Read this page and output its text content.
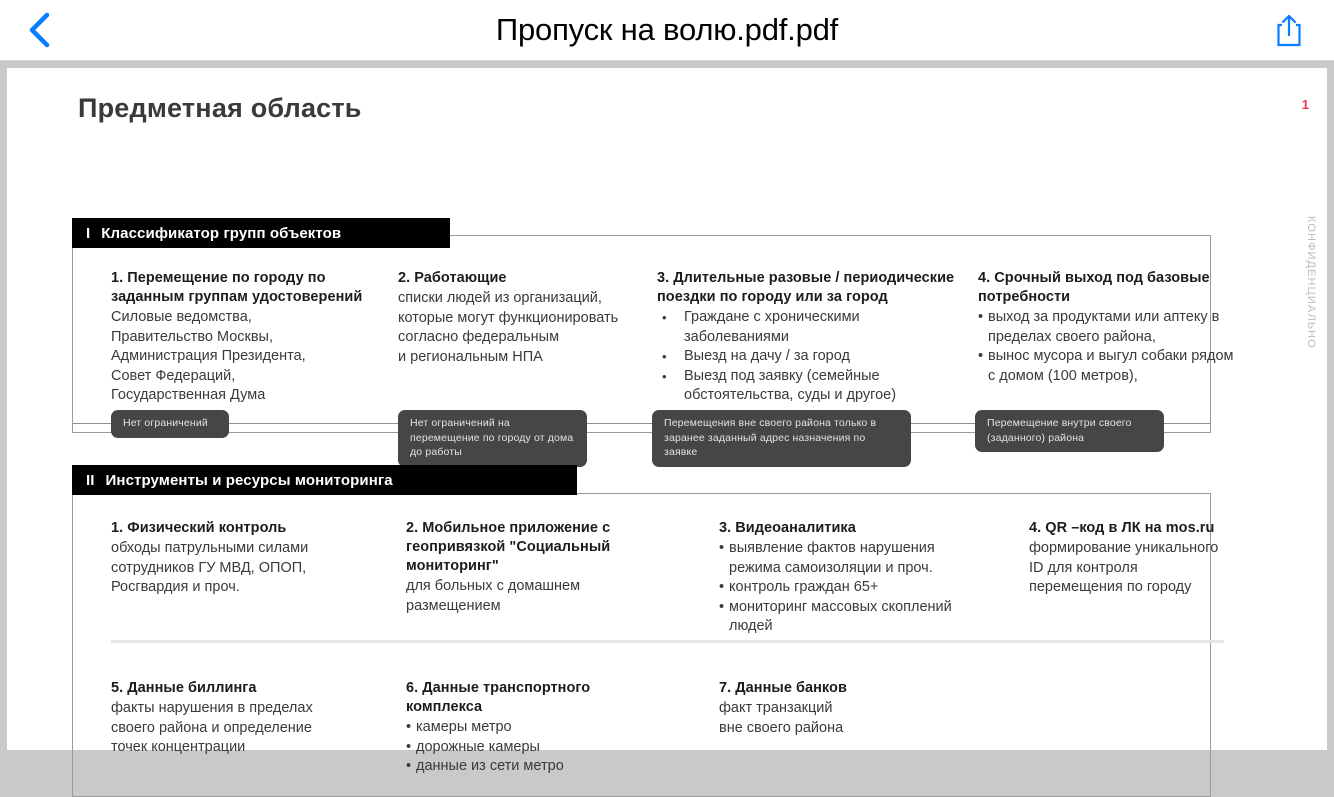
Пропуск на волю.pdf.pdf
Предметная область	1
КОНФИДЕНЦИАЛЬНО
I Классификатор групп объектов
1. Перемещение по городу по заданным группам удостоверений

Силовые ведомства,

Правительство Москвы,

Администрация Президента,

Совет Федераций,

Государственная Дума

2. Работающие

списки людей из организаций,

которые могут функционировать

согласно федеральным

и региональным НПА

3. Длительные разовые / периодические поездки по городу или за город
• Граждане с хроническими заболеваниями
• Выезд на дачу / за город
• Выезд под заявку (семейные обстоятельства, суды и другое)
4. Срочный выход под базовые потребности
• выход за продуктами или аптеку в пределах своего района,
• вынос мусора и выгул собаки рядом с домом (100 метров),
Нет ограничений	Нет ограничений на перемещение по городу от дома до работы
Перемещения вне своего района только в заранее заданный адрес назначения по заявке
Перемещение внутри своего (заданного) района
II Инструменты и ресурсы мониторинга
1. Физический контроль

обходы патрульными силами

сотрудников ГУ МВД, ОПОП,

Росгвардия и проч.

2. Мобильное приложение с геопривязкой "Социальный мониторинг"

для больных с домашнем

размещением

3. Видеоаналитика
• выявление фактов нарушения режима самоизоляции и проч.
• контроль граждан 65+
• мониторинг массовых скоплений людей
4. QR –код в ЛК на mos.ru

формирование уникального

ID для контроля

перемещения по городу

5. Данные биллинга

факты нарушения в пределах

своего района и определение

точек концентрации

6. Данные транспортного комплекса
• камеры метро
• дорожные камеры
• данные из сети метро
7. Данные банков

факт транзакций

вне своего района
